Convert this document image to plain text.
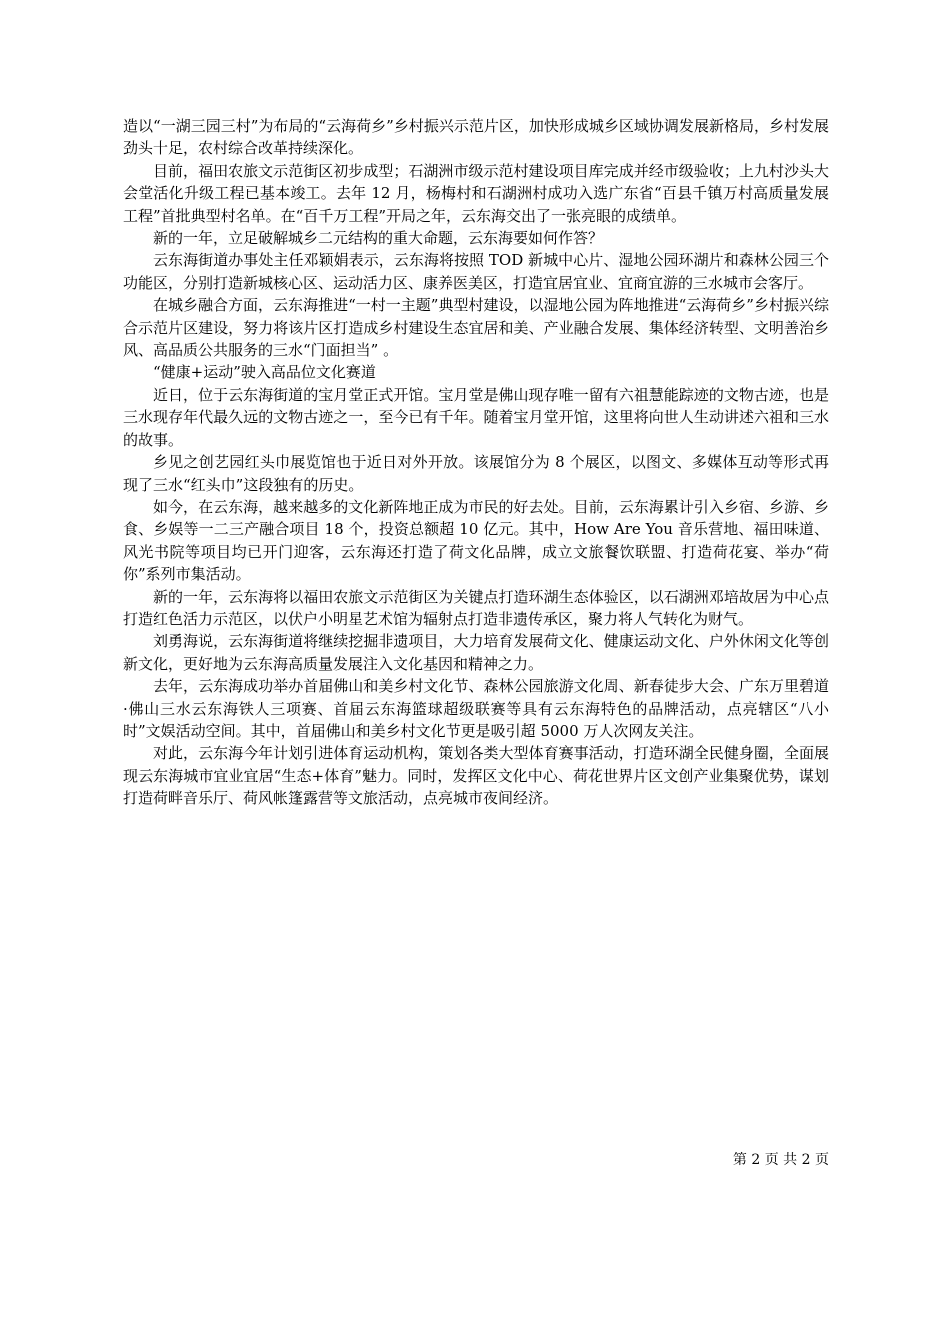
造以“一湖三园三村”为布局的“云海荷乡”乡村振兴示范片区，加快形成城乡区域协调发展新格局，乡村发展劲头十足，农村综合改革持续深化。

目前，福田农旅文示范街区初步成型；石湖洲市级示范村建设项目库完成并经市级验收；上九村沙头大会堂活化升级工程已基本竣工。去年 12 月，杨梅村和石湖洲村成功入选广东省“百县千镇万村高质量发展工程”首批典型村名单。在“百千万工程”开局之年，云东海交出了一张亮眼的成绩单。

新的一年，立足破解城乡二元结构的重大命题，云东海要如何作答？

云东海街道办事处主任邓颖娟表示，云东海将按照 TOD 新城中心片、湿地公园环湖片和森林公园三个功能区，分别打造新城核心区、运动活力区、康养医美区，打造宜居宜业、宜商宜游的三水城市会客厅。

在城乡融合方面，云东海推进“一村一主题”典型村建设，以湿地公园为阵地推进“云海荷乡”乡村振兴综合示范片区建设，努力将该片区打造成乡村建设生态宜居和美、产业融合发展、集体经济转型、文明善治乡风、高品质公共服务的三水“门面担当” 。

“健康+运动”驶入高品位文化赛道

近日，位于云东海街道的宝月堂正式开馆。宝月堂是佛山现存唯一留有六祖慧能踪迹的文物古迹，也是三水现存年代最久远的文物古迹之一，至今已有千年。随着宝月堂开馆，这里将向世人生动讲述六祖和三水的故事。

乡见之创艺园红头巾展览馆也于近日对外开放。该展馆分为 8 个展区，以图文、多媒体互动等形式再现了三水“红头巾”这段独有的历史。

如今，在云东海，越来越多的文化新阵地正成为市民的好去处。目前，云东海累计引入乡宿、乡游、乡食、乡娱等一二三产融合项目 18 个，投资总额超 10 亿元。其中，How Are You 音乐营地、福田味道、风光书院等项目均已开门迎客，云东海还打造了荷文化品牌，成立文旅餐饮联盟、打造荷花宴、举办“荷你”系列市集活动。

新的一年，云东海将以福田农旅文示范街区为关键点打造环湖生态体验区，以石湖洲邓培故居为中心点打造红色活力示范区，以伏户小明星艺术馆为辐射点打造非遗传承区，聚力将人气转化为财气。

刘勇海说，云东海街道将继续挖掘非遗项目，大力培育发展荷文化、健康运动文化、户外休闲文化等创新文化，更好地为云东海高质量发展注入文化基因和精神之力。

去年，云东海成功举办首届佛山和美乡村文化节、森林公园旅游文化周、新春徒步大会、广东万里碧道·佛山三水云东海铁人三项赛、首届云东海篮球超级联赛等具有云东海特色的品牌活动，点亮辖区“八小时”文娱活动空间。其中，首届佛山和美乡村文化节更是吸引超 5000 万人次网友关注。

对此，云东海今年计划引进体育运动机构，策划各类大型体育赛事活动，打造环湖全民健身圈，全面展现云东海城市宜业宜居“生态+体育”魅力。同时，发挥区文化中心、荷花世界片区文创产业集聚优势，谋划打造荷畔音乐厅、荷风帐篷露营等文旅活动，点亮城市夜间经济。

第 2 页 共 2 页
